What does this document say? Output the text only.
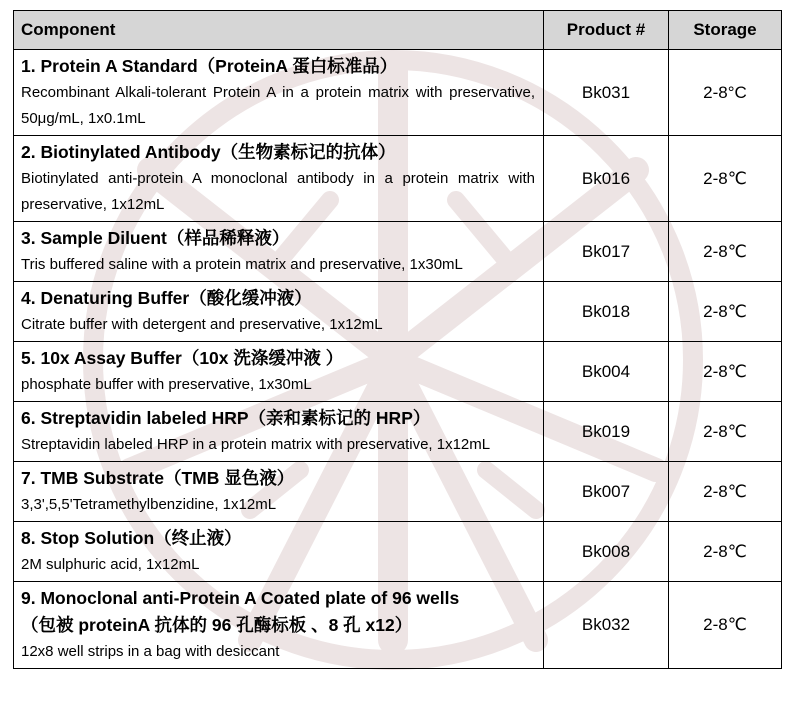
Component	Product #	Storage

1. Protein A Standard（ProteinA 蛋白标准品）
Recombinant Alkali-tolerant Protein A in a protein matrix with preservative, 50μg/mL, 1x0.1mL	Bk031	2-8°C

2. Biotinylated Antibody（生物素标记的抗体）
Biotinylated anti-protein A monoclonal antibody in a protein matrix with preservative, 1x12mL	Bk016	2-8℃

3. Sample Diluent（样品稀释液）
Tris buffered saline with a protein matrix and preservative, 1x30mL	Bk017	2-8℃

4. Denaturing Buffer（酸化缓冲液）
Citrate buffer with detergent and preservative, 1x12mL	Bk018	2-8℃

5. 10x Assay Buffer（10x 洗涤缓冲液 ）
phosphate buffer with preservative, 1x30mL	Bk004	2-8℃

6. Streptavidin labeled HRP（亲和素标记的 HRP）
Streptavidin labeled HRP in a protein matrix with preservative, 1x12mL	Bk019	2-8℃

7. TMB Substrate（TMB 显色液）
3,3',5,5'Tetramethylbenzidine, 1x12mL	Bk007	2-8℃

8. Stop Solution（终止液）
2M sulphuric acid, 1x12mL	Bk008	2-8℃

9. Monoclonal anti-Protein A Coated plate of 96 wells
（包被 proteinA 抗体的 96 孔酶标板 、8 孔 x12）
12x8 well strips in a bag with desiccant	Bk032	2-8℃
